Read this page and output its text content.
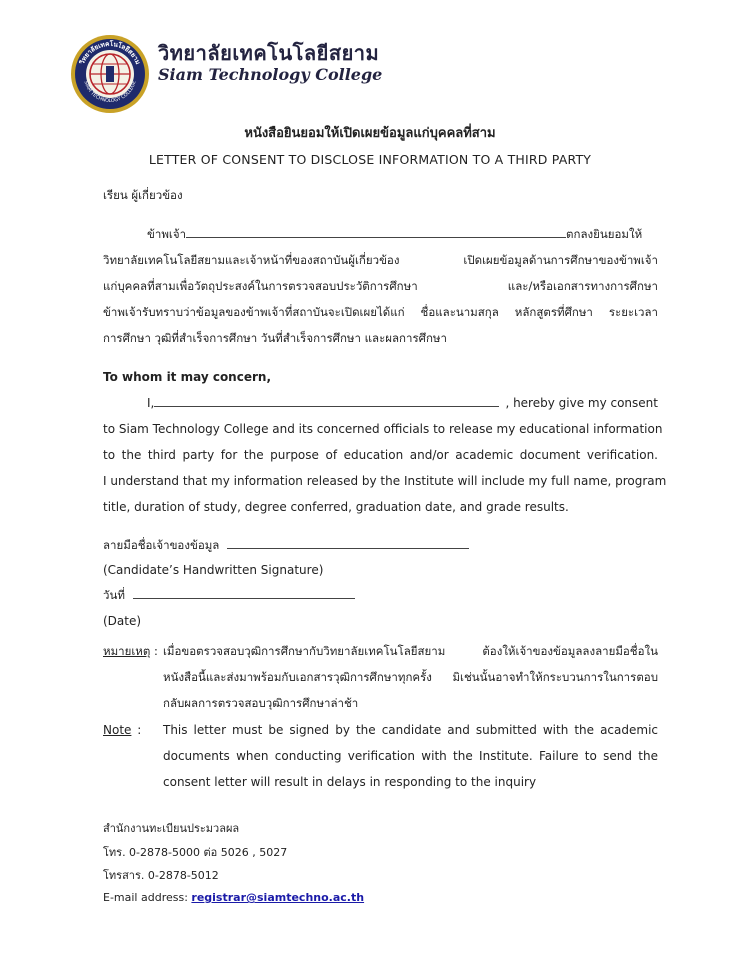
วิทยาลัยเทคโนโลยีสยาม
SIAM TECHNOLOGY COLLEGE
วิทยาลัยเทคโนโลยีสยาม
Siam Technology College
หนังสือยินยอมให้เปิดเผยข้อมูลแก่บุคคลที่สาม
LETTER OF CONSENT TO DISCLOSE INFORMATION TO A THIRD PARTY
เรียน ผู้เกี่ยวข้อง
ข้าพเจ้า	ตกลงยินยอมให้
วิทยาลัยเทคโนโลยีสยามและเจ้าหน้าที่ของสถาบันผู้เกี่ยวข้อง เปิดเผยข้อมูลด้านการศึกษาของข้าพเจ้า
แก่บุคคลที่สามเพื่อวัตถุประสงค์ในการตรวจสอบประวัติการศึกษา และ/หรือเอกสารทางการศึกษา
ข้าพเจ้ารับทราบว่าข้อมูลของข้าพเจ้าที่สถาบันจะเปิดเผยได้แก่ ชื่อและนามสกุล หลักสูตรที่ศึกษา ระยะเวลา
การศึกษา วุฒิที่สำเร็จการศึกษา วันที่สำเร็จการศึกษา และผลการศึกษา
To whom it may concern,
I,	, hereby give my consent
to Siam Technology College and its concerned officials to release my educational information
to the third party for the purpose of education and/or academic document verification.
I understand that my information released by the Institute will include my full name, program
title, duration of study, degree conferred, graduation date, and grade results.
ลายมือชื่อเจ้าของข้อมูล
(Candidate’s Handwritten Signature)
วันที่
(Date)
หมายเหตุ : เมื่อขอตรวจสอบวุฒิการศึกษากับวิทยาลัยเทคโนโลยีสยาม ต้องให้เจ้าของข้อมูลลงลายมือชื่อใน
หนังสือนี้และส่งมาพร้อมกับเอกสารวุฒิการศึกษาทุกครั้ง มิเช่นนั้นอาจทำให้กระบวนการในการตอบ
กลับผลการตรวจสอบวุฒิการศึกษาล่าช้า
Note : This letter must be signed by the candidate and submitted with the academic
documents when conducting verification with the Institute. Failure to send the
consent letter will result in delays in responding to the inquiry
สำนักงานทะเบียนประมวลผล
โทร. 0-2878-5000 ต่อ 5026 , 5027
โทรสาร. 0-2878-5012
E-mail address: registrar@siamtechno.ac.th
